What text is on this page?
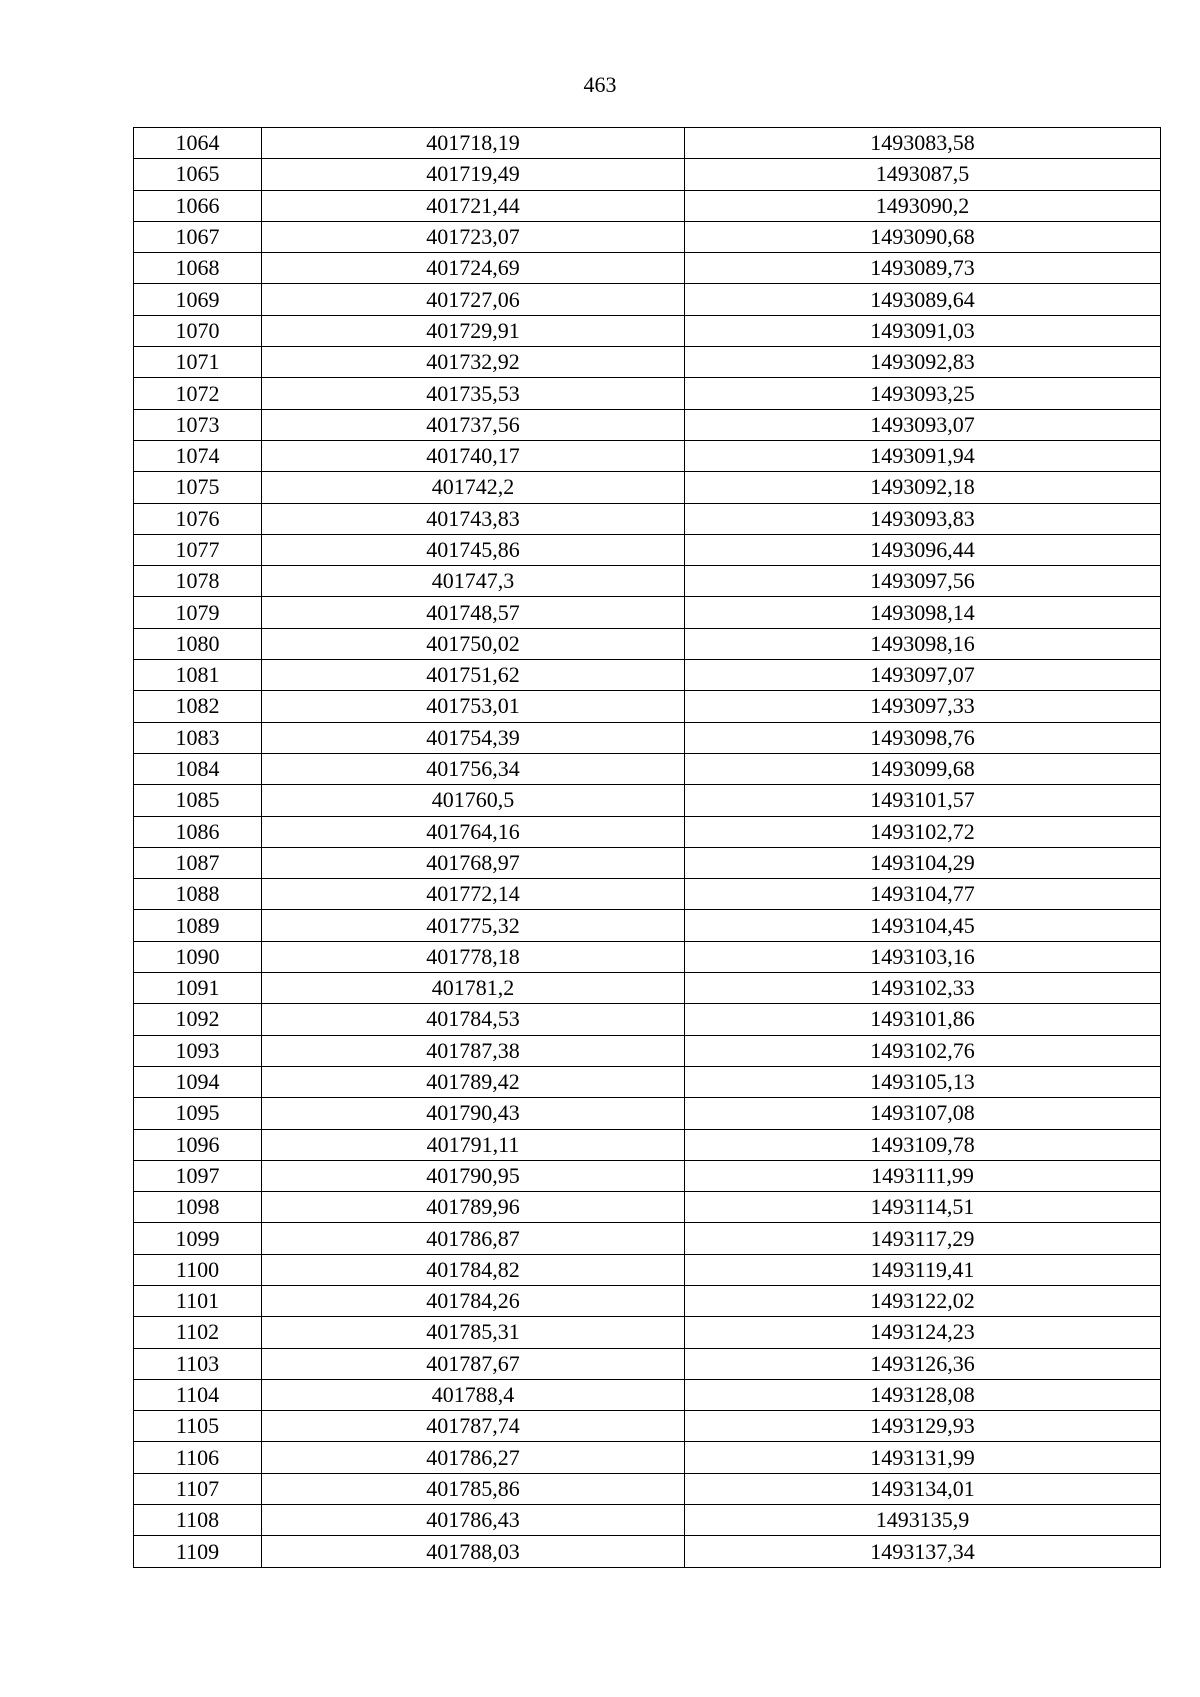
463
1064	401718,19	1493083,58
1065	401719,49	1493087,5
1066	401721,44	1493090,2
1067	401723,07	1493090,68
1068	401724,69	1493089,73
1069	401727,06	1493089,64
1070	401729,91	1493091,03
1071	401732,92	1493092,83
1072	401735,53	1493093,25
1073	401737,56	1493093,07
1074	401740,17	1493091,94
1075	401742,2	1493092,18
1076	401743,83	1493093,83
1077	401745,86	1493096,44
1078	401747,3	1493097,56
1079	401748,57	1493098,14
1080	401750,02	1493098,16
1081	401751,62	1493097,07
1082	401753,01	1493097,33
1083	401754,39	1493098,76
1084	401756,34	1493099,68
1085	401760,5	1493101,57
1086	401764,16	1493102,72
1087	401768,97	1493104,29
1088	401772,14	1493104,77
1089	401775,32	1493104,45
1090	401778,18	1493103,16
1091	401781,2	1493102,33
1092	401784,53	1493101,86
1093	401787,38	1493102,76
1094	401789,42	1493105,13
1095	401790,43	1493107,08
1096	401791,11	1493109,78
1097	401790,95	1493111,99
1098	401789,96	1493114,51
1099	401786,87	1493117,29
1100	401784,82	1493119,41
1101	401784,26	1493122,02
1102	401785,31	1493124,23
1103	401787,67	1493126,36
1104	401788,4	1493128,08
1105	401787,74	1493129,93
1106	401786,27	1493131,99
1107	401785,86	1493134,01
1108	401786,43	1493135,9
1109	401788,03	1493137,34
